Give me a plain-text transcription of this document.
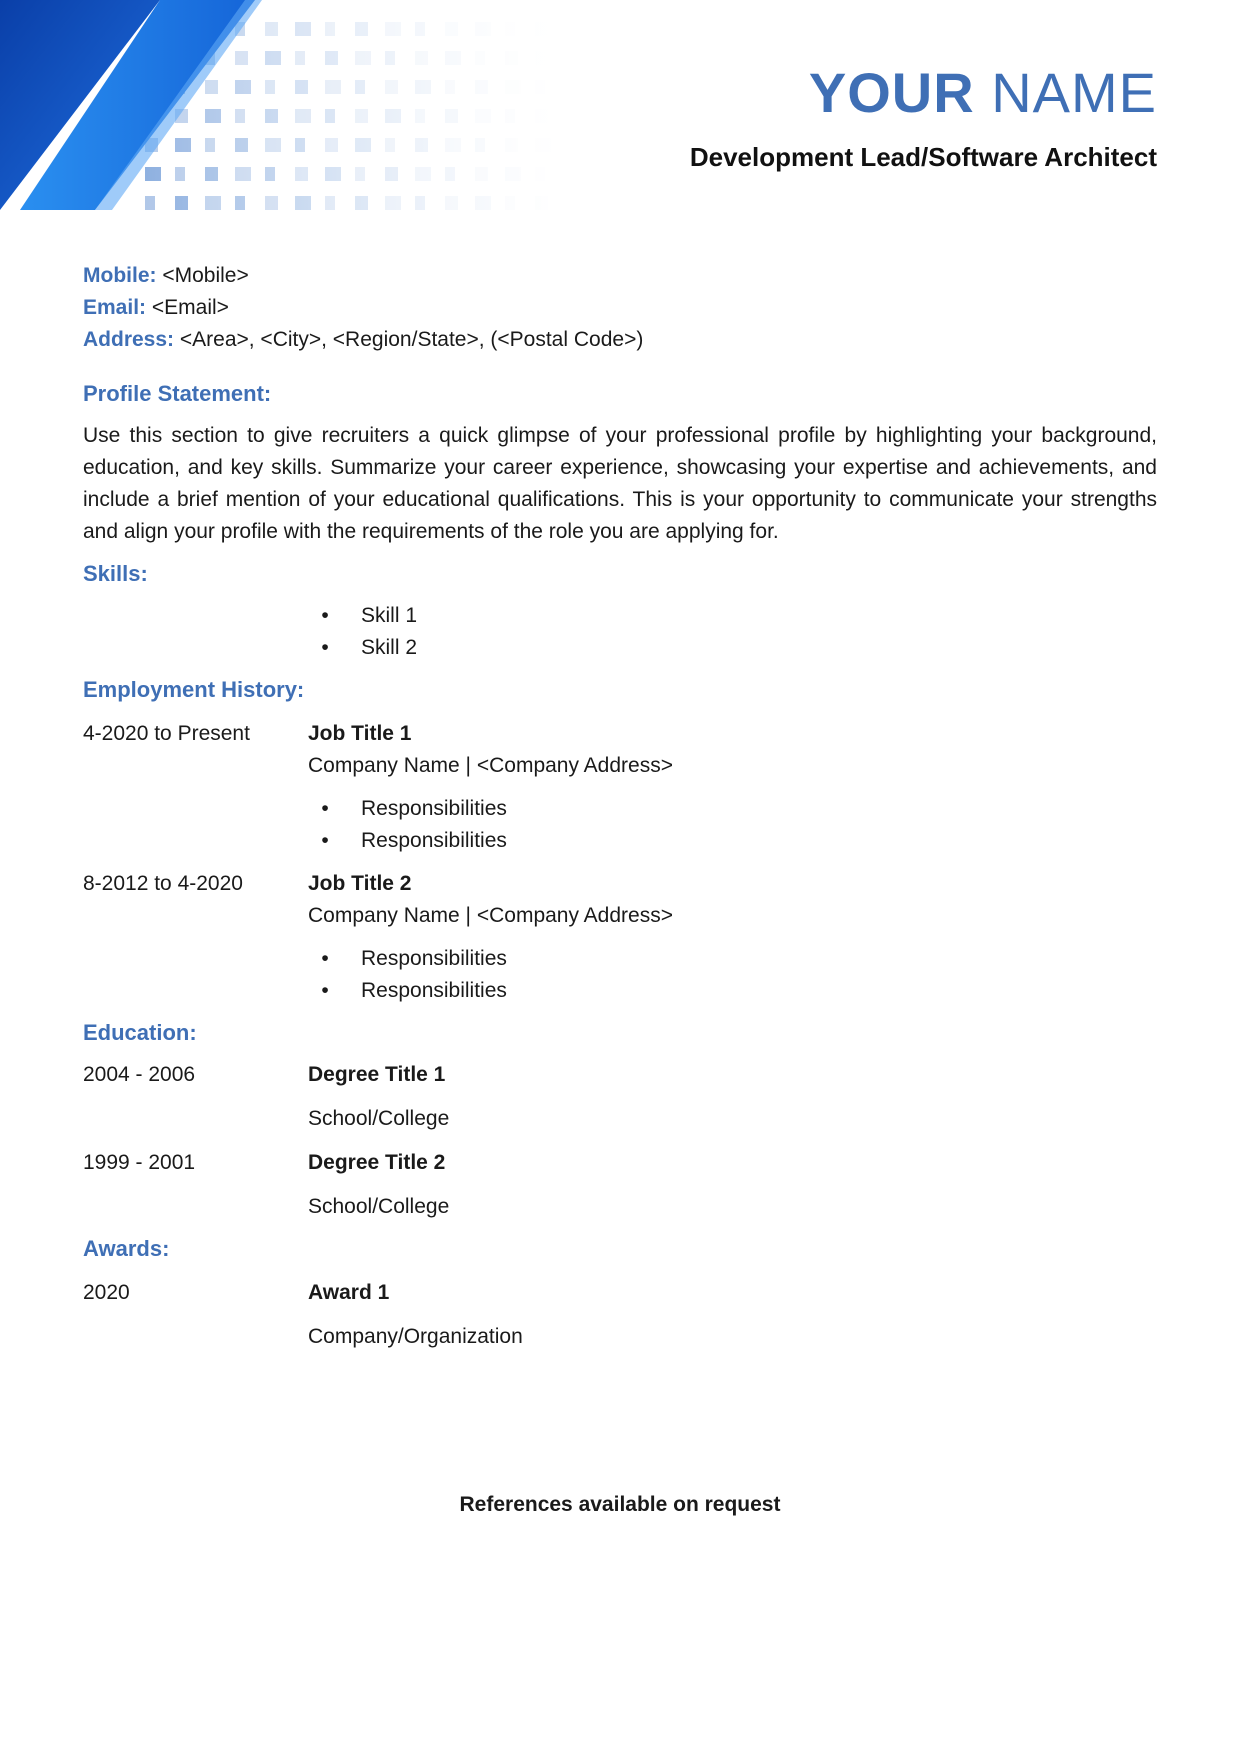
YOUR NAME
Development Lead/Software Architect

Mobile: <Mobile>

Email: <Email>

Address: <Area>, <City>, <Region/State>, (<Postal Code>)

Profile Statement:

Use this section to give recruiters a quick glimpse of your professional profile by highlighting your background, education, and key skills. Summarize your career experience, showcasing your expertise and achievements, and include a brief mention of your educational qualifications. This is your opportunity to communicate your strengths and align your profile with the requirements of the role you are applying for.

Skills:

•	Skill 1
•	Skill 2

Employment History:

4-2020 to Present	Job Title 1
Company Name | <Company Address>
•	Responsibilities
•	Responsibilities
8-2012 to 4-2020	Job Title 2
Company Name | <Company Address>
•	Responsibilities
•	Responsibilities

Education:

2004 - 2006	Degree Title 1
School/College
1999 - 2001	Degree Title 2
School/College

Awards:

2020	Award 1
Company/Organization
References available on request
